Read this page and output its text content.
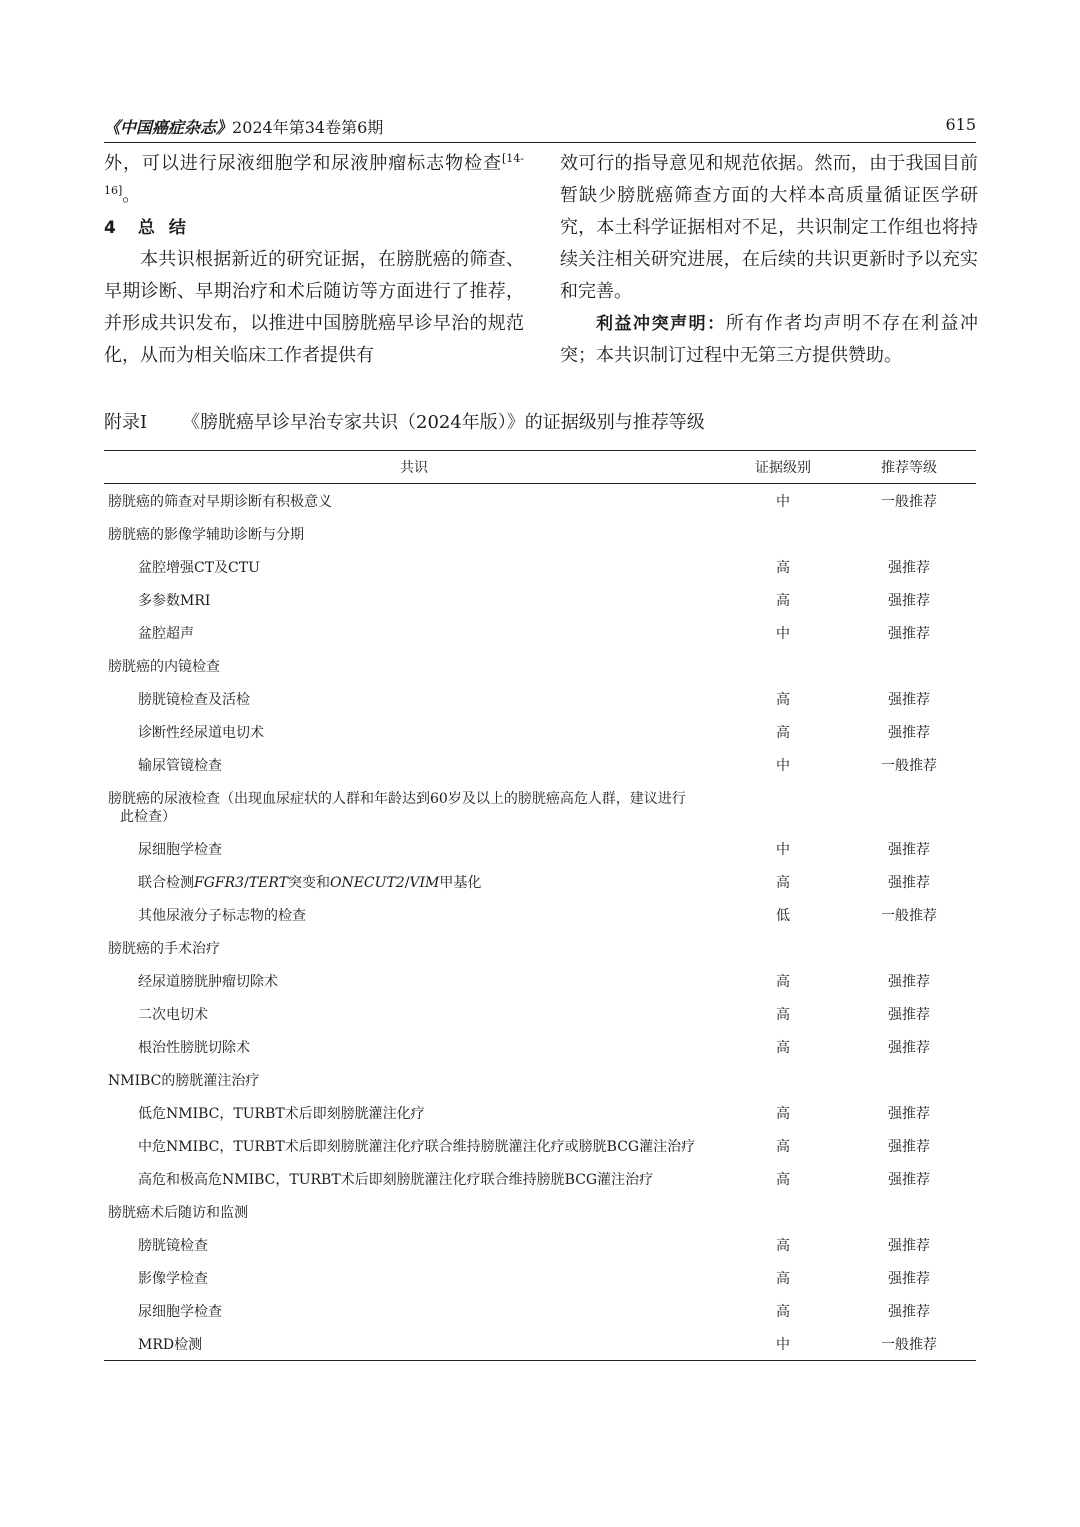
《中国癌症杂志》2024年第34卷第6期	615

外，可以进行尿液细胞学和尿液肿瘤标志物检查[14-16]。

4 总 结

本共识根据新近的研究证据，在膀胱癌的筛查、早期诊断、早期治疗和术后随访等方面进行了推荐，并形成共识发布，以推进中国膀胱癌早诊早治的规范化，从而为相关临床工作者提供有

效可行的指导意见和规范依据。然而，由于我国目前暂缺少膀胱癌筛查方面的大样本高质量循证医学研究，本土科学证据相对不足，共识制定工作组也将持续关注相关研究进展，在后续的共识更新时予以充实和完善。

利益冲突声明：所有作者均声明不存在利益冲突；本共识制订过程中无第三方提供赞助。

附录Ⅰ 《膀胱癌早诊早治专家共识（2024年版）》的证据级别与推荐等级
共识	证据级别	推荐等级
膀胱癌的筛查对早期诊断有积极意义	中	一般推荐
膀胱癌的影像学辅助诊断与分期
盆腔增强CT及CTU	高	强推荐
多参数MRI	高	强推荐
盆腔超声	中	强推荐
膀胱癌的内镜检查
膀胱镜检查及活检	高	强推荐
诊断性经尿道电切术	高	强推荐
输尿管镜检查	中	一般推荐
膀胱癌的尿液检查（出现血尿症状的人群和年龄达到60岁及以上的膀胱癌高危人群，建议进行
此检查）
尿细胞学检查	中	强推荐
联合检测FGFR3/TERT突变和ONECUT2/VIM甲基化	高	强推荐
其他尿液分子标志物的检查	低	一般推荐
膀胱癌的手术治疗
经尿道膀胱肿瘤切除术	高	强推荐
二次电切术	高	强推荐
根治性膀胱切除术	高	强推荐
NMIBC的膀胱灌注治疗
低危NMIBC，TURBT术后即刻膀胱灌注化疗	高	强推荐
中危NMIBC，TURBT术后即刻膀胱灌注化疗联合维持膀胱灌注化疗或膀胱BCG灌注治疗	高	强推荐
高危和极高危NMIBC，TURBT术后即刻膀胱灌注化疗联合维持膀胱BCG灌注治疗	高	强推荐
膀胱癌术后随访和监测
膀胱镜检查	高	强推荐
影像学检查	高	强推荐
尿细胞学检查	高	强推荐
MRD检测	中	一般推荐
